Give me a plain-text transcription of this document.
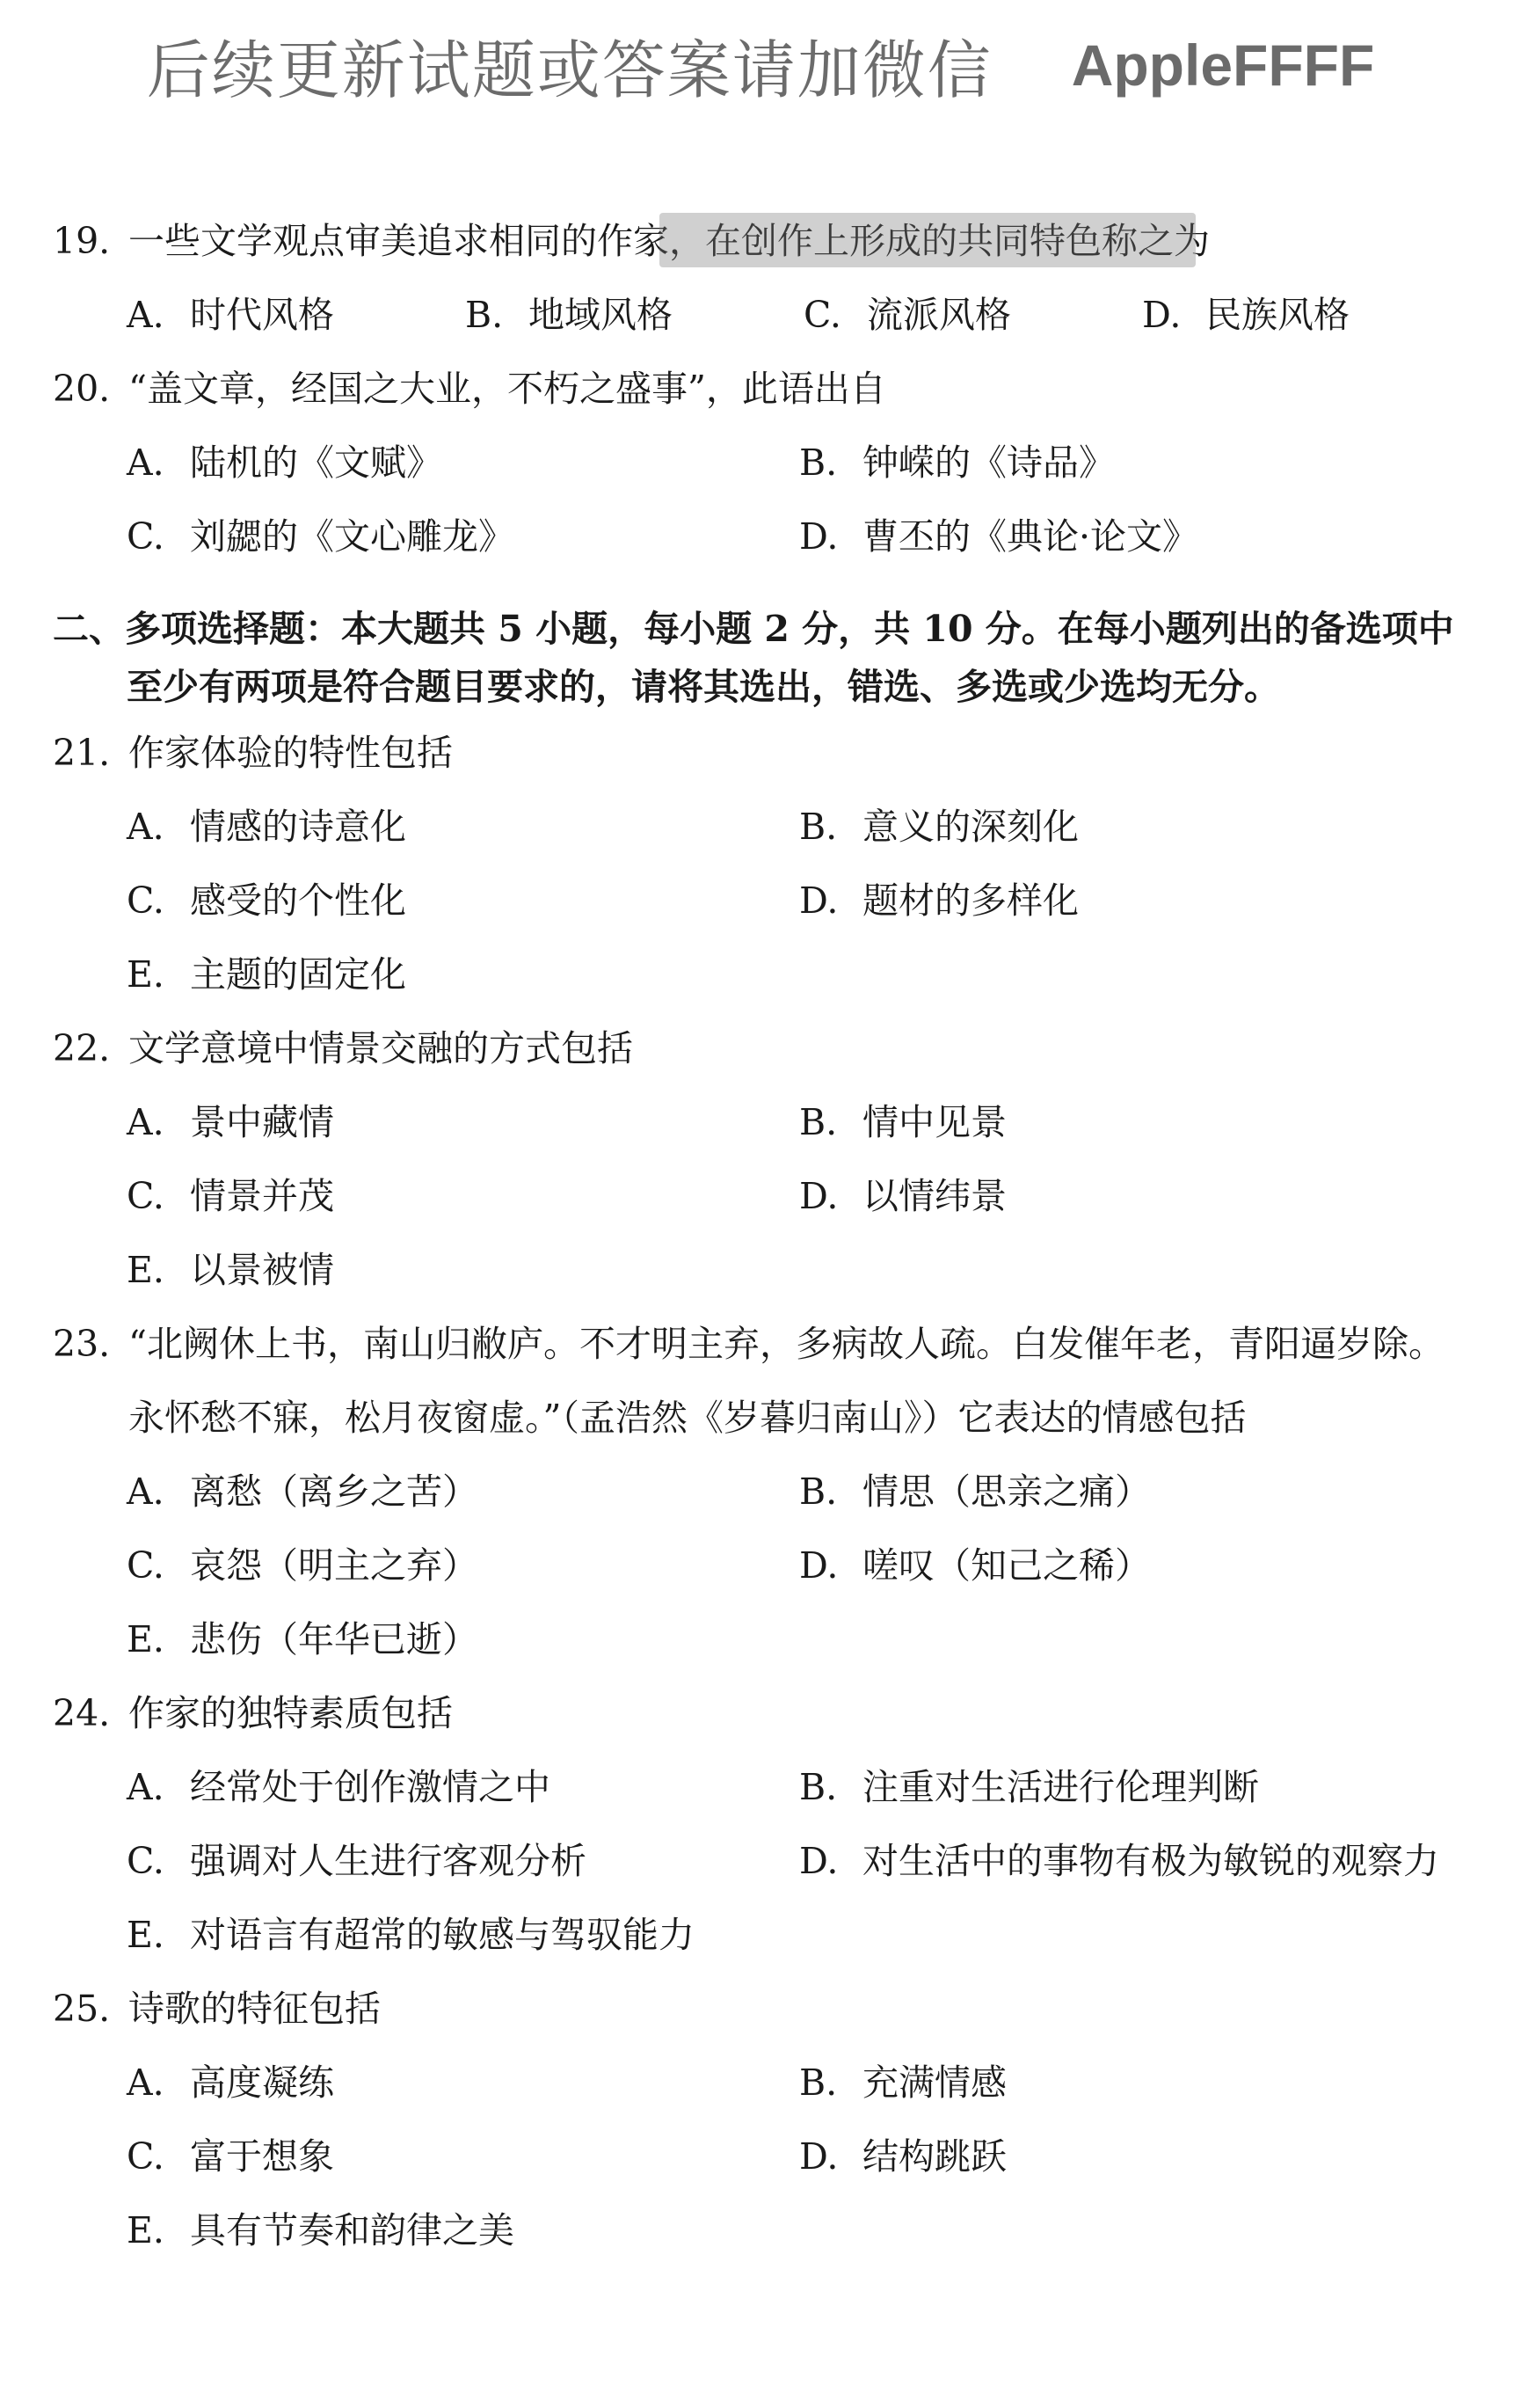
后续更新试题或答案请加微信 AppleFFFF
19. 一些文学观点审美追求相同的作家，在创作上形成的共同特色称之为
A. 时代风格	B. 地域风格	C. 流派风格	D. 民族风格
20. “盖文章，经国之大业，不朽之盛事”，此语出自
A. 陆机的《文赋》	B. 钟嵘的《诗品》
C. 刘勰的《文心雕龙》	D. 曹丕的《典论·论文》
二、多项选择题：本大题共 5 小题，每小题 2 分，共 10 分。在每小题列出的备选项中
至少有两项是符合题目要求的，请将其选出，错选、多选或少选均无分。
21. 作家体验的特性包括
A. 情感的诗意化	B. 意义的深刻化
C. 感受的个性化	D. 题材的多样化
E. 主题的固定化
22. 文学意境中情景交融的方式包括
A. 景中藏情	B. 情中见景
C. 情景并茂	D. 以情纬景
E. 以景被情
23. “北阙休上书，南山归敝庐。不才明主弃，多病故人疏。白发催年老，青阳逼岁除。
永怀愁不寐，松月夜窗虚。”（孟浩然《岁暮归南山》）它表达的情感包括
A. 离愁（离乡之苦）	B. 情思（思亲之痛）
C. 哀怨（明主之弃）	D. 嗟叹（知己之稀）
E. 悲伤（年华已逝）
24. 作家的独特素质包括
A. 经常处于创作激情之中	B. 注重对生活进行伦理判断
C. 强调对人生进行客观分析	D. 对生活中的事物有极为敏锐的观察力
E. 对语言有超常的敏感与驾驭能力
25. 诗歌的特征包括
A. 高度凝练	B. 充满情感
C. 富于想象	D. 结构跳跃
E. 具有节奏和韵律之美
